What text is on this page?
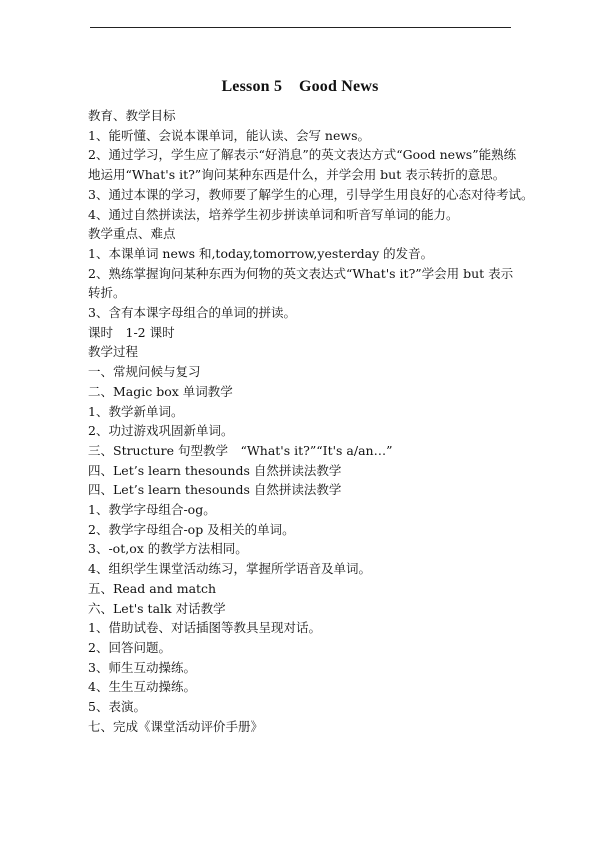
Lesson 5    Good News
教育、教学目标
1、能听懂、会说本课单词，能认读、会写 news。
2、通过学习，学生应了解表示“好消息”的英文表达方式“Good news”能熟练地运用“What's it?”询问某种东西是什么，并学会用 but 表示转折的意思。
3、通过本课的学习，教师要了解学生的心理，引导学生用良好的心态对待考试。
4、通过自然拼读法，培养学生初步拼读单词和听音写单词的能力。
教学重点、难点
1、本课单词 news 和,today,tomorrow,yesterday 的发音。
2、熟练掌握询问某种东西为何物的英文表达式“What's it?”学会用 but 表示转折。
3、含有本课字母组合的单词的拼读。
课时　1-2 课时
教学过程
一、常规问候与复习
二、Magic box 单词教学
1、教学新单词。
2、功过游戏巩固新单词。
三、Structure 句型教学　“What's it?”“It's a/an…”
四、Let’s learn thesounds 自然拼读法教学
四、Let’s learn thesounds 自然拼读法教学
1、教学字母组合-og。
2、教学字母组合-op 及相关的单词。
3、-ot,ox 的教学方法相同。
4、组织学生课堂活动练习，掌握所学语音及单词。
五、Read and match
六、Let's talk 对话教学
1、借助试卷、对话插图等教具呈现对话。
2、回答问题。
3、师生互动操练。
4、生生互动操练。
5、表演。
七、完成《课堂活动评价手册》
